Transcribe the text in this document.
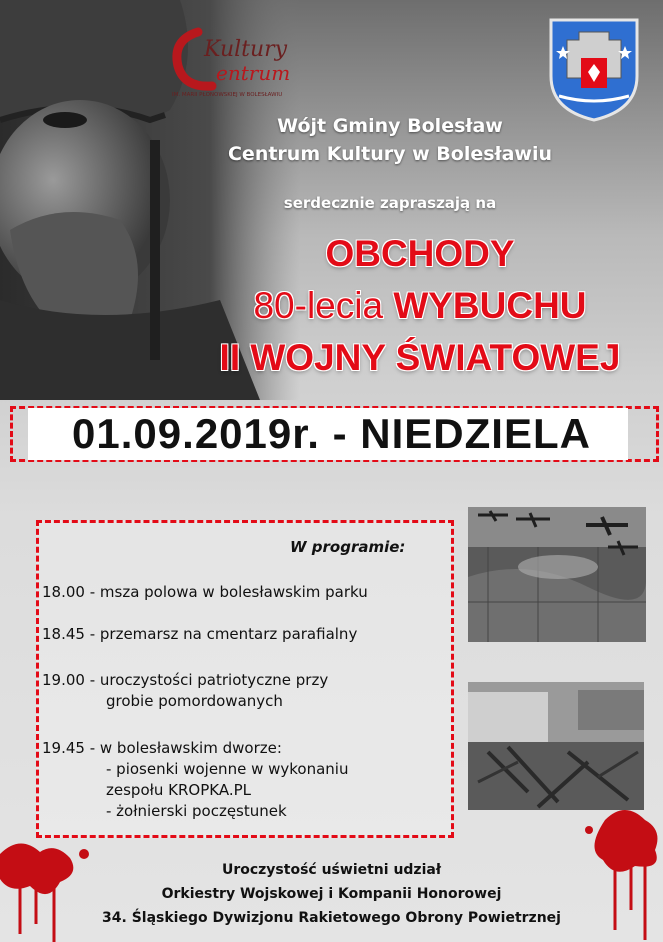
Kultury
entrum
IM. MARII PŁONOWSKIEJ W BOLESŁAWIU
Wójt Gminy Bolesław
Centrum Kultury w Bolesławiu
serdecznie zapraszają na
OBCHODY
80-lecia WYBUCHU
II WOJNY ŚWIATOWEJ
01.09.2019r. - NIEDZIELA
W programie:
18.00 - msza polowa w bolesławskim parku
18.45 - przemarsz na cmentarz parafialny
19.00 - uroczystości patriotyczne przy
grobie pomordowanych
19.45 - w bolesławskim dworze:
- piosenki wojenne w wykonaniu
zespołu KROPKA.PL
- żołnierski poczęstunek
Uroczystość uświetni udział
Orkiestry Wojskowej i Kompanii Honorowej
34. Śląskiego Dywizjonu Rakietowego Obrony Powietrznej
